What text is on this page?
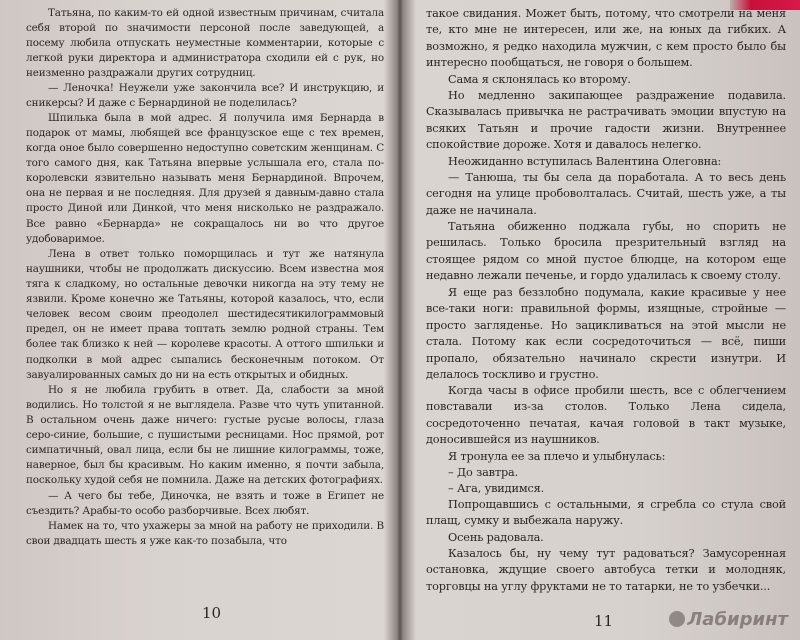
10

Татьяна, по каким-то ей одной известным причинам, считала себя второй по значимости персоной после заведующей, а посему любила отпускать неуместные комментарии, которые с легкой руки директора и администратора сходили ей с рук, но неизменно раздражали других сотрудниц.

— Леночка! Неужели уже закончила все? И инструкцию, и сникерсы? И даже с Бернардиной не поделилась?

Шпилька была в мой адрес. Я получила имя Бернарда в подарок от мамы, любящей все французское еще с тех времен, когда оное было совершенно недоступно советским женщинам. С того самого дня, как Татьяна впервые услышала его, стала по-королевски язвительно называть меня Бернардиной. Впрочем, она не первая и не последняя. Для друзей я давным-давно стала просто Диной или Динкой, что меня нисколько не раздражало. Все равно «Бернарда» не сокращалось ни во что другое удобоваримое.

Лена в ответ только поморщилась и тут же натянула наушники, чтобы не продолжать дискуссию. Всем известна моя тяга к сладкому, но остальные девочки никогда на эту тему не язвили. Кроме конечно же Татьяны, которой казалось, что, если человек весом своим преодолел шестидесятикилограммовый предел, он не имеет права топтать землю родной страны. Тем более так близко к ней — королеве красоты. А оттого шпильки и подколки в мой адрес сыпались бесконечным потоком. От завуалированных самых до ни на есть открытых и обидных.

Но я не любила грубить в ответ. Да, слабости за мной водились. Но толстой я не выглядела. Разве что чуть упитанной. В остальном очень даже ничего: густые русые волосы, глаза серо-синие, большие, с пушистыми ресницами. Нос прямой, рот симпатичный, овал лица, если бы не лишние килограммы, тоже, наверное, был бы красивым. Но каким именно, я почти забыла, поскольку худой себя не помнила. Даже на детских фотографиях.

— А чего бы тебе, Диночка, не взять и тоже в Египет не съездить? Арабы-то особо разборчивые. Всех любят.

Намек на то, что ухажеры за мной на работу не приходили. В свои двадцать шесть я уже как-то позабыла, что

11

такое свидания. Может быть, потому, что смотрели на меня те, кто мне не интересен, или же, на юных да гибких. А возможно, я редко находила мужчин, с кем просто было бы интересно пообщаться, не говоря о большем.

Сама я склонялась ко второму.

Но медленно закипающее раздражение подавила. Сказывалась привычка не растрачивать эмоции впустую на всяких Татьян и прочие гадости жизни. Внутреннее спокойствие дороже. Хотя и давалось нелегко.

Неожиданно вступилась Валентина Олеговна:

— Танюша, ты бы села да поработала. А то весь день сегодня на улице пробоволталась. Считай, шесть уже, а ты даже не начинала.

Татьяна обиженно поджала губы, но спорить не решилась. Только бросила презрительный взгляд на стоящее рядом со мной пустое блюдце, на котором еще недавно лежали печенье, и гордо удалилась к своему столу.

Я еще раз беззлобно подумала, какие красивые у нее все-таки ноги: правильной формы, изящные, стройные — просто загляденье. Но зацикливаться на этой мысли не стала. Потому как если сосредоточиться — всё, пиши пропало, обязательно начинало скрести изнутри. И делалось тоскливо и грустно.

Когда часы в офисе пробили шесть, все с облегчением повставали из-за столов. Только Лена сидела, сосредоточенно печатая, качая головой в такт музыке, доносившейся из наушников.

Я тронула ее за плечо и улыбнулась:

– До завтра.

– Ага, увидимся.

Попрощавшись с остальными, я сгребла со стула свой плащ, сумку и выбежала наружу.

Осень радовала.

Казалось бы, ну чему тут радоваться? Замусоренная остановка, ждущие своего автобуса тетки и молодняк, торговцы на углу фруктами не то татарки, не то узбечки...

Лабиринт
